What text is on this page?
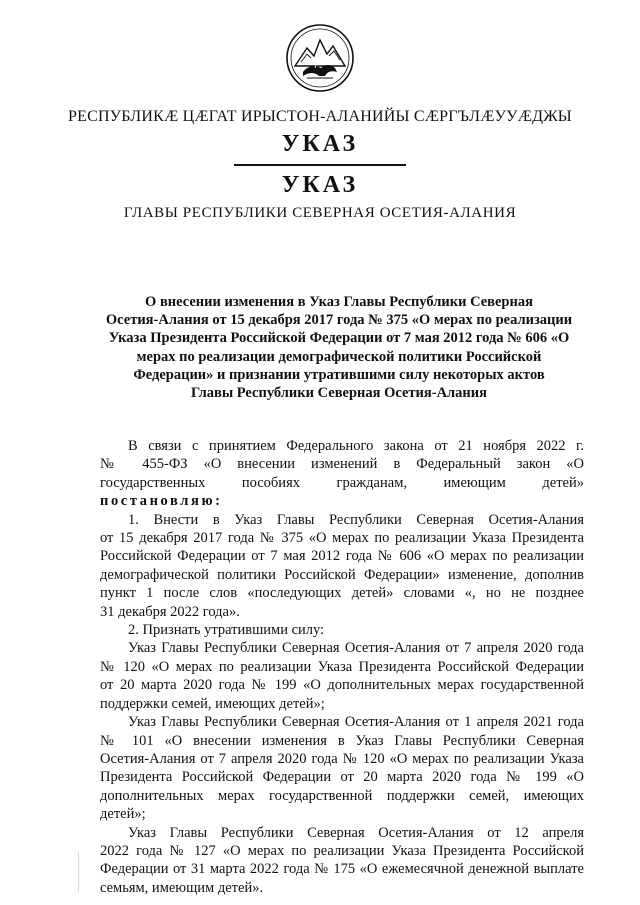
РЕСПУБЛИКӔ ЦӔГАТ ИРЫСТОН-АЛАНИЙЫ СӔРГЪЛӔУУӔДЖЫ
УКАЗ
УКАЗ
ГЛАВЫ РЕСПУБЛИКИ СЕВЕРНАЯ ОСЕТИЯ-АЛАНИЯ
О внесении изменения в Указ Главы Республики Северная
Осетия-Алания от 15 декабря 2017 года № 375 «О мерах по реализации
Указа Президента Российской Федерации от 7 мая 2012 года № 606 «О
мерах по реализации демографической политики Российской
Федерации» и признании утратившими силу некоторых актов
Главы Республики Северная Осетия-Алания
В связи с принятием Федерального закона от 21 ноября 2022 г.
№ 455-ФЗ «О внесении изменений в Федеральный закон «О
государственных пособиях гражданам, имеющим детей»
постановляю:
1. Внести в Указ Главы Республики Северная Осетия-Алания
от 15 декабря 2017 года № 375 «О мерах по реализации Указа Президента
Российской Федерации от 7 мая 2012 года № 606 «О мерах по реализации
демографической политики Российской Федерации» изменение, дополнив
пункт 1 после слов «последующих детей» словами «, но не позднее
31 декабря 2022 года».
2. Признать утратившими силу:
Указ Главы Республики Северная Осетия-Алания от 7 апреля 2020 года
№ 120 «О мерах по реализации Указа Президента Российской Федерации
от 20 марта 2020 года № 199 «О дополнительных мерах государственной
поддержки семей, имеющих детей»;
Указ Главы Республики Северная Осетия-Алания от 1 апреля 2021 года
№ 101 «О внесении изменения в Указ Главы Республики Северная
Осетия-Алания от 7 апреля 2020 года № 120 «О мерах по реализации Указа
Президента Российской Федерации от 20 марта 2020 года № 199 «О
дополнительных мерах государственной поддержки семей, имеющих
детей»;
Указ Главы Республики Северная Осетия-Алания от 12 апреля
2022 года № 127 «О мерах по реализации Указа Президента Российской
Федерации от 31 марта 2022 года № 175 «О ежемесячной денежной выплате
семьям, имеющим детей».
